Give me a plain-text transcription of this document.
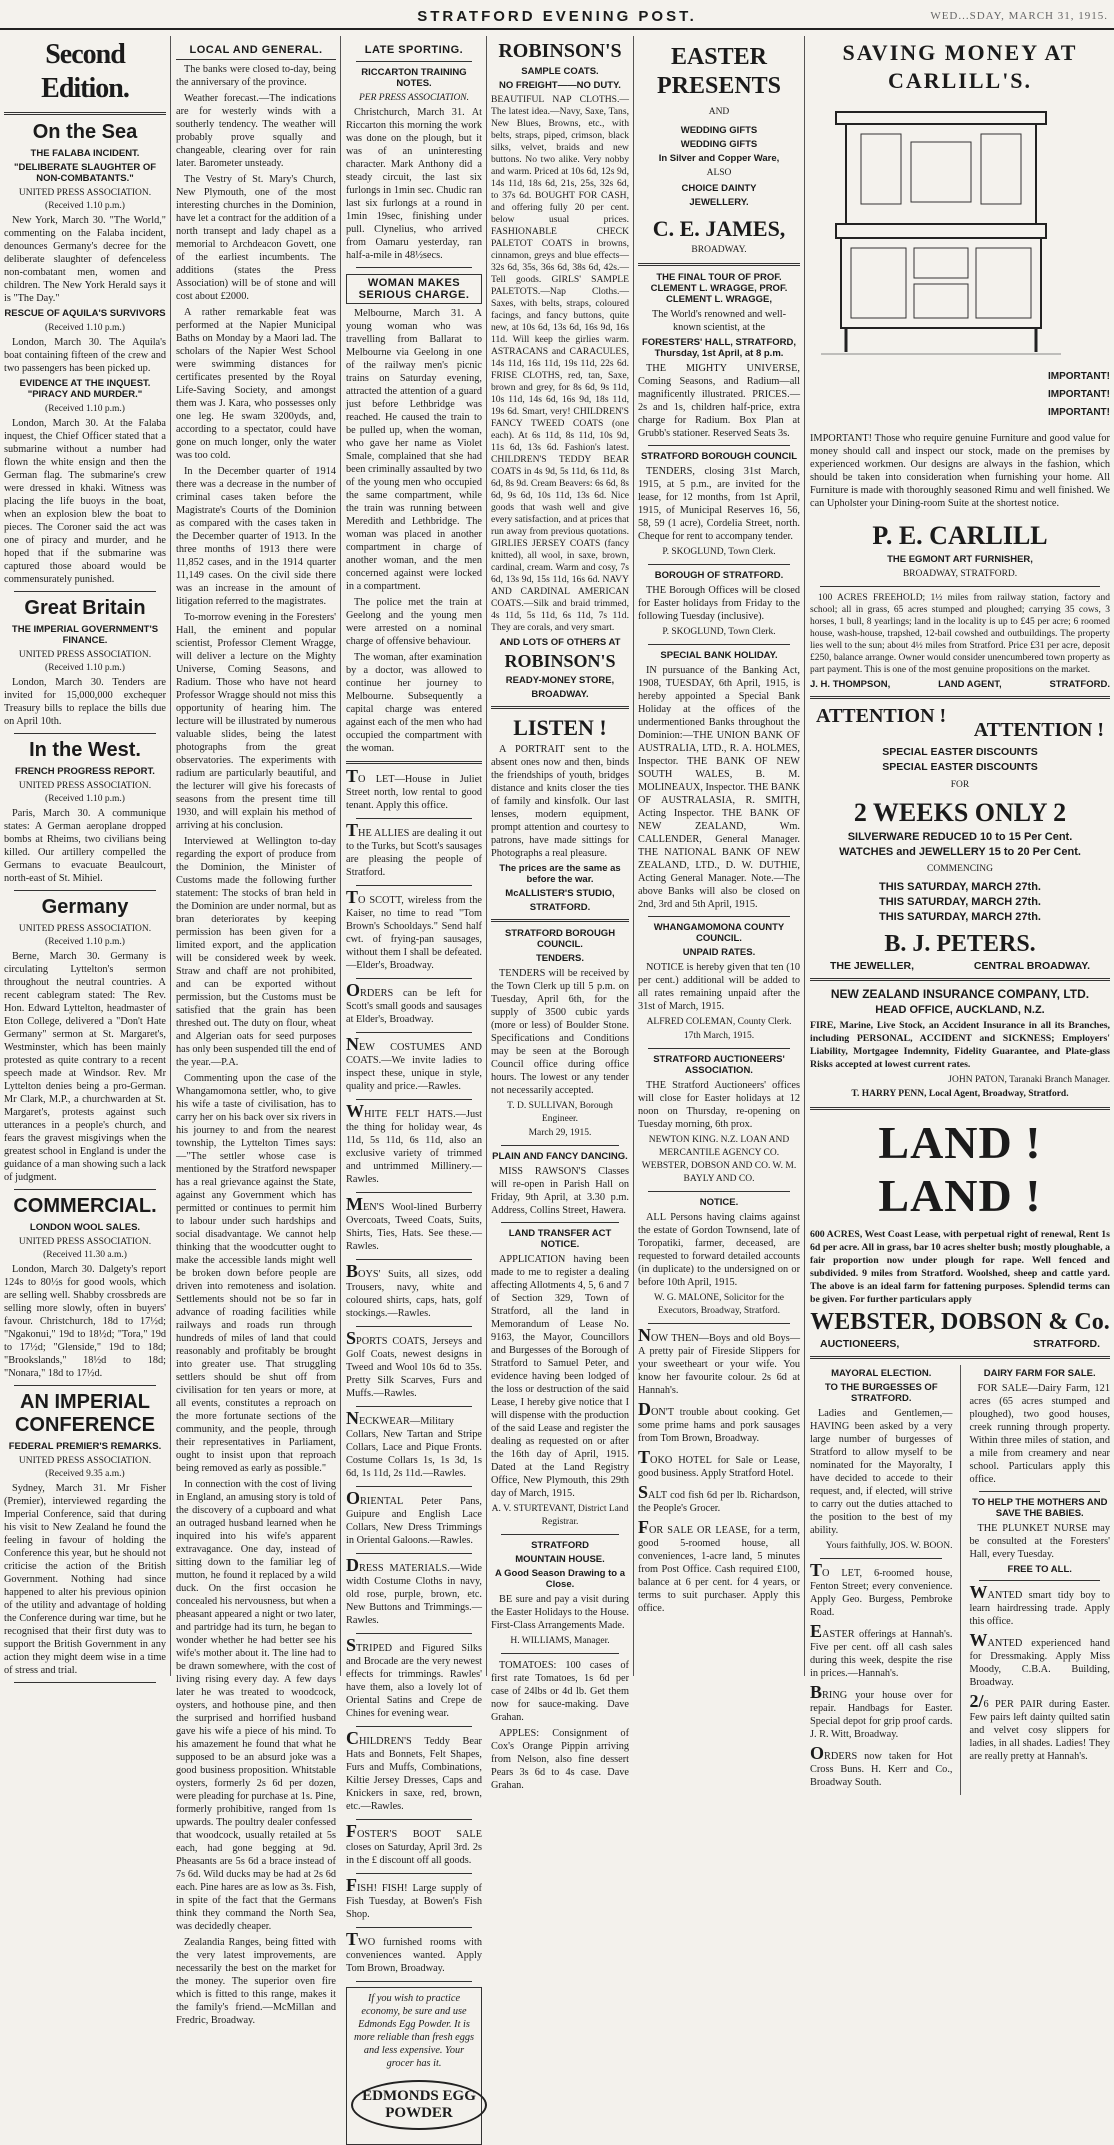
STRATFORD EVENING POST.	WED...SDAY, MARCH 31, 1915.
Second Edition.
On the Sea
THE FALABA INCIDENT.
"DELIBERATE SLAUGHTER OF NON-COMBATANTS."
UNITED PRESS ASSOCIATION. (Received 1.10 p.m.)

New York, March 30. "The World," commenting on the Falaba incident, denounces Germany's decree for the deliberate slaughter of defenceless non-combatant men, women and children. The New York Herald says it is "The Day."

RESCUE OF AQUILA'S SURVIVORS
(Received 1.10 p.m.)

London, March 30. The Aquila's boat containing fifteen of the crew and two passengers has been picked up.

EVIDENCE AT THE INQUEST. "PIRACY AND MURDER."
(Received 1.10 p.m.)

London, March 30. At the Falaba inquest, the Chief Officer stated that a submarine without a number had flown the white ensign and then the German flag. The submarine's crew were dressed in khaki. Witness was placing the life buoys in the boat, when an explosion blew the boat to pieces. The Coroner said the act was one of piracy and murder, and he hoped that if the submarine was captured those aboard would be commensurately punished.

Great Britain
THE IMPERIAL GOVERNMENT'S FINANCE.
UNITED PRESS ASSOCIATION. (Received 1.10 p.m.)

London, March 30. Tenders are invited for 15,000,000 exchequer Treasury bills to replace the bills due on April 10th.

In the West.
FRENCH PROGRESS REPORT.
UNITED PRESS ASSOCIATION. (Received 1.10 p.m.)

Paris, March 30. A communique states: A German aeroplane dropped bombs at Rheims, two civilians being killed. Our artillery compelled the Germans to evacuate Beaulcourt, north-east of St. Mihiel.

Germany
UNITED PRESS ASSOCIATION. (Received 1.10 p.m.)

Berne, March 30. Germany is circulating Lyttelton's sermon throughout the neutral countries. A recent cablegram stated: The Rev. Hon. Edward Lyttelton, headmaster of Eton College, delivered a "Don't Hate Germany" sermon at St. Margaret's, Westminster, which has been mainly protested as quite contrary to a recent speech made at Windsor. Rev. Mr Lyttelton denies being a pro-German. Mr Clark, M.P., a churchwarden at St. Margaret's, protests against such utterances in a people's church, and fears the gravest misgivings when the greatest school in England is under the guidance of a man showing such a lack of judgment.

COMMERCIAL.
LONDON WOOL SALES.
UNITED PRESS ASSOCIATION. (Received 11.30 a.m.)

London, March 30. Dalgety's report 124s to 80½s for good wools, which are selling well. Shabby crossbreds are selling more slowly, often in buyers' favour. Christchurch, 18d to 17½d; "Ngakonui," 19d to 18½d; "Tora," 19d to 17½d; "Glenside," 19d to 18d; "Brookslands," 18½d to 18d; "Nonara," 18d to 17½d.

AN IMPERIAL CONFERENCE
FEDERAL PREMIER'S REMARKS.
UNITED PRESS ASSOCIATION. (Received 9.35 a.m.)

Sydney, March 31. Mr Fisher (Premier), interviewed regarding the Imperial Conference, said that during his visit to New Zealand he found the feeling in favour of holding the Conference this year, but he should not criticise the action of the British Government. Nothing had since happened to alter his previous opinion of the utility and advantage of holding the Conference during war time, but he recognised that their first duty was to support the British Government in any action they might deem wise in a time of stress and trial.

LOCAL AND GENERAL.

The banks were closed to-day, being the anniversary of the province.

Weather forecast.—The indications are for westerly winds with a southerly tendency. The weather will probably prove squally and changeable, clearing over for rain later. Barometer unsteady.

The Vestry of St. Mary's Church, New Plymouth, one of the most interesting churches in the Dominion, have let a contract for the addition of a north transept and lady chapel as a memorial to Archdeacon Govett, one of the earliest incumbents. The additions (states the Press Association) will be of stone and will cost about £2000.

A rather remarkable feat was performed at the Napier Municipal Baths on Monday by a Maori lad. The scholars of the Napier West School were swimming distances for certificates presented by the Royal Life-Saving Society, and amongst them was J. Kara, who possesses only one leg. He swam 3200yds, and, according to a spectator, could have gone on much longer, only the water was too cold.

In the December quarter of 1914 there was a decrease in the number of criminal cases taken before the Magistrate's Courts of the Dominion as compared with the cases taken in the December quarter of 1913. In the three months of 1913 there were 11,852 cases, and in the 1914 quarter 11,149 cases. On the civil side there was an increase in the amount of litigation referred to the magistrates.

To-morrow evening in the Foresters' Hall, the eminent and popular scientist, Professor Clement Wragge, will deliver a lecture on the Mighty Universe, Coming Seasons, and Radium. Those who have not heard Professor Wragge should not miss this opportunity of hearing him. The lecture will be illustrated by numerous valuable slides, being the latest photographs from the great observatories. The experiments with radium are particularly beautiful, and the lecturer will give his forecasts of seasons from the present time till 1930, and will explain his method of arriving at his conclusion.

Interviewed at Wellington to-day regarding the export of produce from the Dominion, the Minister of Customs made the following further statement: The stocks of bran held in the Dominion are under normal, but as bran deteriorates by keeping permission has been given for a limited export, and the application will be considered week by week. Straw and chaff are not prohibited, and can be exported without permission, but the Customs must be satisfied that the grain has been threshed out. The duty on flour, wheat and Algerian oats for seed purposes has only been suspended till the end of the year.—P.A.

Commenting upon the case of the Whangamomona settler, who, to give his wife a taste of civilisation, has to carry her on his back over six rivers in his journey to and from the nearest township, the Lyttelton Times says:—"The settler whose case is mentioned by the Stratford newspaper has a real grievance against the State, against any Government which has permitted or continues to permit him to labour under such hardships and social disadvantage. We cannot help thinking that the woodcutter ought to make the accessible lands might well be broken down before people are driven into remoteness and isolation. Settlements should not be so far in advance of roading facilities while railways and roads run through hundreds of miles of land that could reasonably and profitably be brought into greater use. That struggling settlers should be shut off from civilisation for ten years or more, at all events, constitutes a reproach on the more fortunate sections of the community, and the people, through their representatives in Parliament, ought to insist upon that reproach being removed as early as possible."

In connection with the cost of living in England, an amusing story is told of the discovery of a cupboard and what an outraged husband learned when he inquired into his wife's apparent extravagance. One day, instead of sitting down to the familiar leg of mutton, he found it replaced by a wild duck. On the first occasion he concealed his nervousness, but when a pheasant appeared a night or two later, and partridge had its turn, he began to wonder whether he had better see his wife's mother about it. The line had to be drawn somewhere, with the cost of living rising every day. A few days later he was treated to woodcock, oysters, and hothouse pine, and then the surprised and horrified husband gave his wife a piece of his mind. To his amazement he found that what he supposed to be an absurd joke was a good business proposition. Whitstable oysters, formerly 2s 6d per dozen, were pleading for purchase at 1s. Pine, formerly prohibitive, ranged from 1s upwards. The poultry dealer confessed that woodcock, usually retailed at 5s each, had gone begging at 9d. Pheasants are 5s 6d a brace instead of 7s 6d. Wild ducks may be had at 2s 6d each. Pine hares are as low as 3s. Fish, in spite of the fact that the Germans think they command the North Sea, was decidedly cheaper.

Zealandia Ranges, being fitted with the very latest improvements, are necessarily the best on the market for the money. The superior oven fire which is fitted to this range, makes it the family's friend.—McMillan and Fredric, Broadway.

LATE SPORTING.
RICCARTON TRAINING NOTES.
PER PRESS ASSOCIATION.

Christchurch, March 31. At Riccarton this morning the work was done on the plough, but it was of an uninteresting character. Mark Anthony did a steady circuit, the last six furlongs in 1min sec. Chudic ran last six furlongs at a round in 1min 19sec, finishing under pull. Clynelius, who arrived from Oamaru yesterday, ran half-a-mile in 48½secs.

WOMAN MAKES SERIOUS CHARGE.

Melbourne, March 31. A young woman who was travelling from Ballarat to Melbourne via Geelong in one of the railway men's picnic trains on Saturday evening, attracted the attention of a guard just before Lethbridge was reached. He caused the train to be pulled up, when the woman, who gave her name as Violet Smale, complained that she had been criminally assaulted by two of the young men who occupied the same compartment, while the train was running between Meredith and Lethbridge. The woman was placed in another compartment in charge of another woman, and the men concerned against were locked in a compartment.

The police met the train at Geelong and the young men were arrested on a nominal charge of offensive behaviour.

The woman, after examination by a doctor, was allowed to continue her journey to Melbourne. Subsequently a capital charge was entered against each of the men who had occupied the compartment with the woman.

TO LET—House in Juliet Street north, low rental to good tenant. Apply this office.

THE ALLIES are dealing it out to the Turks, but Scott's sausages are pleasing the people of Stratford.

TO SCOTT, wireless from the Kaiser, no time to read "Tom Brown's Schooldays." Send half cwt. of frying-pan sausages, without them I shall be defeated.—Elder's, Broadway.

ORDERS can be left for Scott's small goods and sausages at Elder's, Broadway.

NEW COSTUMES AND COATS.—We invite ladies to inspect these, unique in style, quality and price.—Rawles.

WHITE FELT HATS.—Just the thing for holiday wear, 4s 11d, 5s 11d, 6s 11d, also an exclusive variety of trimmed and untrimmed Millinery.—Rawles.

MEN'S Wool-lined Burberry Overcoats, Tweed Coats, Suits, Shirts, Ties, Hats. See these.—Rawles.

BOYS' Suits, all sizes, odd Trousers, navy, white and coloured shirts, caps, hats, golf stockings.—Rawles.

SPORTS COATS, Jerseys and Golf Coats, newest designs in Tweed and Wool 10s 6d to 35s. Pretty Silk Scarves, Furs and Muffs.—Rawles.

NECKWEAR—Military Collars, New Tartan and Stripe Collars, Lace and Pique Fronts. Costume Collars 1s, 1s 3d, 1s 6d, 1s 11d, 2s 11d.—Rawles.

ORIENTAL Peter Pans, Guipure and English Lace Collars, New Dress Trimmings in Oriental Galoons.—Rawles.

DRESS MATERIALS.—Wide width Costume Cloths in navy, old rose, purple, brown, etc. New Buttons and Trimmings.—Rawles.

STRIPED and Figured Silks and Brocade are the very newest effects for trimmings. Rawles' have them, also a lovely lot of Oriental Satins and Crepe de Chines for evening wear.

CHILDREN'S Teddy Bear Hats and Bonnets, Felt Shapes, Furs and Muffs, Combinations, Kiltie Jersey Dresses, Caps and Knickers in saxe, red, brown, etc.—Rawles.

FOSTER'S BOOT SALE closes on Saturday, April 3rd. 2s in the £ discount off all goods.

FISH! FISH! Large supply of Fish Tuesday, at Bowen's Fish Shop.

TWO furnished rooms with conveniences wanted. Apply Tom Brown, Broadway.

If you wish to practice economy, be sure and use Edmonds Egg Powder. It is more reliable than fresh eggs and less expensive. Your grocer has it.

EDMONDS EGG POWDER
ROBINSON'S
SAMPLE COATS.
NO FREIGHT——NO DUTY.

BEAUTIFUL NAP CLOTHS.—The latest idea.—Navy, Saxe, Tans, New Blues, Browns, etc., with belts, straps, piped, crimson, black silks, velvet, braids and new buttons. No two alike. Very nobby and warm. Priced at 10s 6d, 12s 9d, 14s 11d, 18s 6d, 21s, 25s, 32s 6d, to 37s 6d. BOUGHT FOR CASH, and offering fully 20 per cent. below usual prices. FASHIONABLE CHECK PALETOT COATS in browns, cinnamon, greys and blue effects—32s 6d, 35s, 36s 6d, 38s 6d, 42s.—Tell goods. GIRLS' SAMPLE PALETOTS.—Nap Cloths.—Saxes, with belts, straps, coloured facings, and fancy buttons, quite new, at 10s 6d, 13s 6d, 16s 9d, 16s 11d. Will keep the girlies warm. ASTRACANS and CARACULES, 14s 11d, 16s 11d, 19s 11d, 22s 6d. FRISE CLOTHS, red, tan, Saxe, brown and grey, for 8s 6d, 9s 11d, 10s 11d, 14s 6d, 16s 9d, 18s 11d, 19s 6d. Smart, very! CHILDREN'S FANCY TWEED COATS (one each). At 6s 11d, 8s 11d, 10s 9d, 11s 6d, 13s 6d. Fashion's latest. CHILDREN'S TEDDY BEAR COATS in 4s 9d, 5s 11d, 6s 11d, 8s 6d, 8s 9d. Cream Beavers: 6s 6d, 8s 6d, 9s 6d, 10s 11d, 13s 6d. Nice goods that wash well and give every satisfaction, and at prices that run away from previous quotations. GIRLIES JERSEY COATS (fancy knitted), all wool, in saxe, brown, cardinal, cream. Warm and cosy, 7s 6d, 13s 9d, 15s 11d, 16s 6d. NAVY AND CARDINAL AMERICAN COATS.—Silk and braid trimmed, 4s 11d, 5s 11d, 6s 11d, 7s 11d. They are corals, and very smart.

AND LOTS OF OTHERS AT
ROBINSON'S
READY-MONEY STORE,
BROADWAY.
LISTEN !

A PORTRAIT sent to the absent ones now and then, binds the friendships of youth, bridges distance and knits closer the ties of family and kinsfolk. Our last lenses, modern equipment, prompt attention and courtesy to patrons, have made sittings for Photographs a real pleasure.

The prices are the same as before the war.
McALLISTER'S STUDIO,
STRATFORD.
STRATFORD BOROUGH COUNCIL.
TENDERS.

TENDERS will be received by the Town Clerk up till 5 p.m. on Tuesday, April 6th, for the supply of 3500 cubic yards (more or less) of Boulder Stone. Specifications and Conditions may be seen at the Borough Council office during office hours. The lowest or any tender not necessarily accepted.

T. D. SULLIVAN, Borough Engineer.
March 29, 1915.
PLAIN AND FANCY DANCING.

MISS RAWSON'S Classes will re-open in Parish Hall on Friday, 9th April, at 3.30 p.m. Address, Collins Street, Hawera.

LAND TRANSFER ACT NOTICE.

APPLICATION having been made to me to register a dealing affecting Allotments 4, 5, 6 and 7 of Section 329, Town of Stratford, all the land in Memorandum of Lease No. 9163, the Mayor, Councillors and Burgesses of the Borough of Stratford to Samuel Peter, and evidence having been lodged of the loss or destruction of the said Lease, I hereby give notice that I will dispense with the production of the said Lease and register the dealing as requested on or after the 16th day of April, 1915. Dated at the Land Registry Office, New Plymouth, this 29th day of March, 1915.

A. V. STURTEVANT, District Land Registrar.
STRATFORD
MOUNTAIN HOUSE.
A Good Season Drawing to a Close.

BE sure and pay a visit during the Easter Holidays to the House. First-Class Arrangements Made.

H. WILLIAMS, Manager.

TOMATOES: 100 cases of first rate Tomatoes, 1s 6d per case of 24lbs or 4d lb. Get them now for sauce-making. Dave Grahan.

APPLES: Consignment of Cox's Orange Pippin arriving from Nelson, also fine dessert Pears 3s 6d to 4s case. Dave Grahan.

EASTER
PRESENTS
AND
WEDDING GIFTS
WEDDING GIFTS
In Silver and Copper Ware,
ALSO
CHOICE DAINTY
JEWELLERY.
C. E. JAMES,
BROADWAY.
THE FINAL TOUR OF PROF. CLEMENT L. WRAGGE, PROF. CLEMENT L. WRAGGE,

The World's renowned and well-known scientist, at the

FORESTERS' HALL, STRATFORD, Thursday, 1st April, at 8 p.m.

THE MIGHTY UNIVERSE, Coming Seasons, and Radium—all magnificently illustrated. PRICES.—2s and 1s, children half-price, extra charge for Radium. Box Plan at Grubb's stationer. Reserved Seats 3s.

STRATFORD BOROUGH COUNCIL

TENDERS, closing 31st March, 1915, at 5 p.m., are invited for the lease, for 12 months, from 1st April, 1915, of Municipal Reserves 16, 56, 58, 59 (1 acre), Cordelia Street, north. Cheque for rent to accompany tender.

P. SKOGLUND, Town Clerk.
BOROUGH OF STRATFORD.

THE Borough Offices will be closed for Easter holidays from Friday to the following Tuesday (inclusive).

P. SKOGLUND, Town Clerk.
SPECIAL BANK HOLIDAY.

IN pursuance of the Banking Act, 1908, TUESDAY, 6th April, 1915, is hereby appointed a Special Bank Holiday at the offices of the undermentioned Banks throughout the Dominion:—THE UNION BANK OF AUSTRALIA, LTD., R. A. HOLMES, Inspector. THE BANK OF NEW SOUTH WALES, B. M. MOLINEAUX, Inspector. THE BANK OF AUSTRALASIA, R. SMITH, Acting Inspector. THE BANK OF NEW ZEALAND, Wm. CALLENDER, General Manager. THE NATIONAL BANK OF NEW ZEALAND, LTD., D. W. DUTHIE, Acting General Manager. Note.—The above Banks will also be closed on 2nd, 3rd and 5th April, 1915.

WHANGAMOMONA COUNTY COUNCIL.
UNPAID RATES.

NOTICE is hereby given that ten (10 per cent.) additional will be added to all rates remaining unpaid after the 31st of March, 1915.

ALFRED COLEMAN, County Clerk.
17th March, 1915.
STRATFORD AUCTIONEERS' ASSOCIATION.

THE Stratford Auctioneers' offices will close for Easter holidays at 12 noon on Thursday, re-opening on Tuesday morning, 6th prox.

NEWTON KING. N.Z. LOAN AND MERCANTILE AGENCY CO. WEBSTER, DOBSON AND CO. W. M. BAYLY AND CO.
NOTICE.

ALL Persons having claims against the estate of Gordon Townsend, late of Toropatiki, farmer, deceased, are requested to forward detailed accounts (in duplicate) to the undersigned on or before 10th April, 1915.

W. G. MALONE, Solicitor for the Executors, Broadway, Stratford.

NOW THEN—Boys and old Boys—A pretty pair of Fireside Slippers for your sweetheart or your wife. You know her favourite colour. 2s 6d at Hannah's.

DON'T trouble about cooking. Get some prime hams and pork sausages from Tom Brown, Broadway.

TOKO HOTEL for Sale or Lease, good business. Apply Stratford Hotel.

SALT cod fish 6d per lb. Richardson, the People's Grocer.

FOR SALE OR LEASE, for a term, good 5-roomed house, all conveniences, 1-acre land, 5 minutes from Post Office. Cash required £100, balance at 6 per cent. for 4 years, or terms to suit purchaser. Apply this office.

SAVING MONEY AT
CARLILL'S.
IMPORTANT!
IMPORTANT!
IMPORTANT!

IMPORTANT! Those who require genuine Furniture and good value for money should call and inspect our stock, made on the premises by experienced workmen. Our designs are always in the fashion, which should be taken into consideration when furnishing your home. All Furniture is made with thoroughly seasoned Rimu and well finished. We can Upholster your Dining-room Suite at the shortest notice.

P. E. CARLILL
THE EGMONT ART FURNISHER,
BROADWAY, STRATFORD.

100 ACRES FREEHOLD; 1½ miles from railway station, factory and school; all in grass, 65 acres stumped and ploughed; carrying 35 cows, 3 horses, 1 bull, 8 yearlings; land in the locality is up to £45 per acre; 6 roomed house, wash-house, trapshed, 12-bail cowshed and outbuildings. The property lies well to the sun; about 4½ miles from Stratford. Price £31 per acre, deposit £250, balance arrange. Owner would consider unencumbered town property as part payment. This is one of the most genuine propositions on the market.

J. H. THOMPSON,	LAND AGENT,	STRATFORD.
ATTENTION !
ATTENTION !
SPECIAL EASTER DISCOUNTS
SPECIAL EASTER DISCOUNTS
FOR
2 WEEKS ONLY 2
SILVERWARE REDUCED 10 to 15 Per Cent.
WATCHES and JEWELLERY 15 to 20 Per Cent.
COMMENCING
THIS SATURDAY, MARCH 27th.
THIS SATURDAY, MARCH 27th.
THIS SATURDAY, MARCH 27th.
B. J. PETERS.
THE JEWELLER,	CENTRAL BROADWAY.
NEW ZEALAND INSURANCE COMPANY, LTD.
HEAD OFFICE, AUCKLAND, N.Z.

FIRE, Marine, Live Stock, an Accident Insurance in all its Branches, including PERSONAL, ACCIDENT and SICKNESS; Employers' Liability, Mortgagee Indemnity, Fidelity Guarantee, and Plate-glass Risks accepted at lowest current rates.

JOHN PATON, Taranaki Branch Manager.
T. HARRY PENN, Local Agent, Broadway, Stratford.
LAND ! LAND !

600 ACRES, West Coast Lease, with perpetual right of renewal, Rent 1s 6d per acre. All in grass, bar 10 acres shelter bush; mostly ploughable, a fair proportion now under plough for rape. Well fenced and subdivided. 9 miles from Stratford. Woolshed, sheep and cattle yard. The above is an ideal farm for fattening purposes. Splendid terms can be given. For further particulars apply

WEBSTER, DOBSON & Co.
AUCTIONEERS,	STRATFORD.
MAYORAL ELECTION.
TO THE BURGESSES OF STRATFORD.

Ladies and Gentlemen,—HAVING been asked by a very large number of burgesses of Stratford to allow myself to be nominated for the Mayoralty, I have decided to accede to their request, and, if elected, will strive to carry out the duties attached to the position to the best of my ability.

Yours faithfully, JOS. W. BOON.

TO LET, 6-roomed house, Fenton Street; every convenience. Apply Geo. Burgess, Pembroke Road.

EASTER offerings at Hannah's. Five per cent. off all cash sales during this week, despite the rise in prices.—Hannah's.

BRING your house over for repair. Handbags for Easter. Special depot for grip proof cards. J. R. Witt, Broadway.

ORDERS now taken for Hot Cross Buns. H. Kerr and Co., Broadway South.

DAIRY FARM FOR SALE.

FOR SALE—Dairy Farm, 121 acres (65 acres stumped and ploughed), two good houses, creek running through property. Within three miles of station, and a mile from creamery and near school. Particulars apply this office.

TO HELP THE MOTHERS AND SAVE THE BABIES.

THE PLUNKET NURSE may be consulted at the Foresters' Hall, every Tuesday.

FREE TO ALL.

WANTED smart tidy boy to learn hairdressing trade. Apply this office.

WANTED experienced hand for Dressmaking. Apply Miss Moody, C.B.A. Building, Broadway.

2/6 PER PAIR during Easter. Few pairs left dainty quilted satin and velvet cosy slippers for ladies, in all shades. Ladies! They are really pretty at Hannah's.
